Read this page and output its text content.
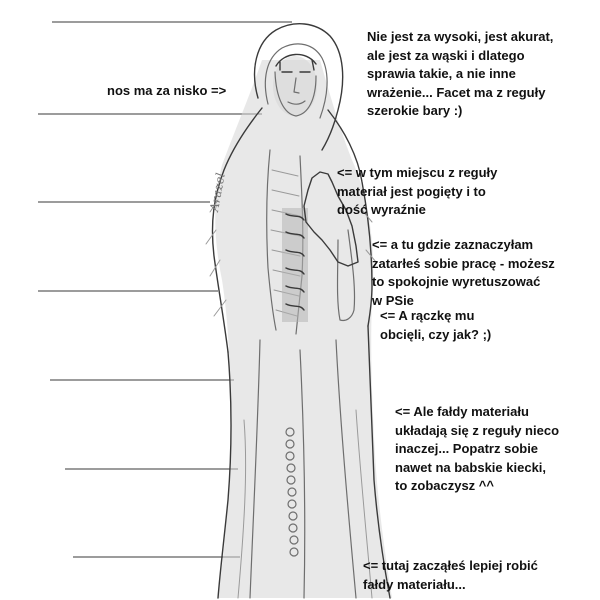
Arazel

Nie jest za wysoki, jest akurat,
ale jest za wąski i dlatego
sprawia takie, a nie inne
wrażenie... Facet ma z reguły
szerokie bary :)

nos ma za nisko =>

<= w tym miejscu z reguły
materiał jest pogięty i to
dość wyraźnie

<= a tu gdzie zaznaczyłam
zatarłeś sobie pracę - możesz
to spokojnie wyretuszować
w PSie

<= A rączkę mu
obcięli, czy jak? ;)

<= Ale fałdy materiału
układają się z reguły nieco
inaczej... Popatrz sobie
nawet na babskie kiecki,
to zobaczysz ^^

<= tutaj zacząłeś lepiej robić
fałdy materiału...
